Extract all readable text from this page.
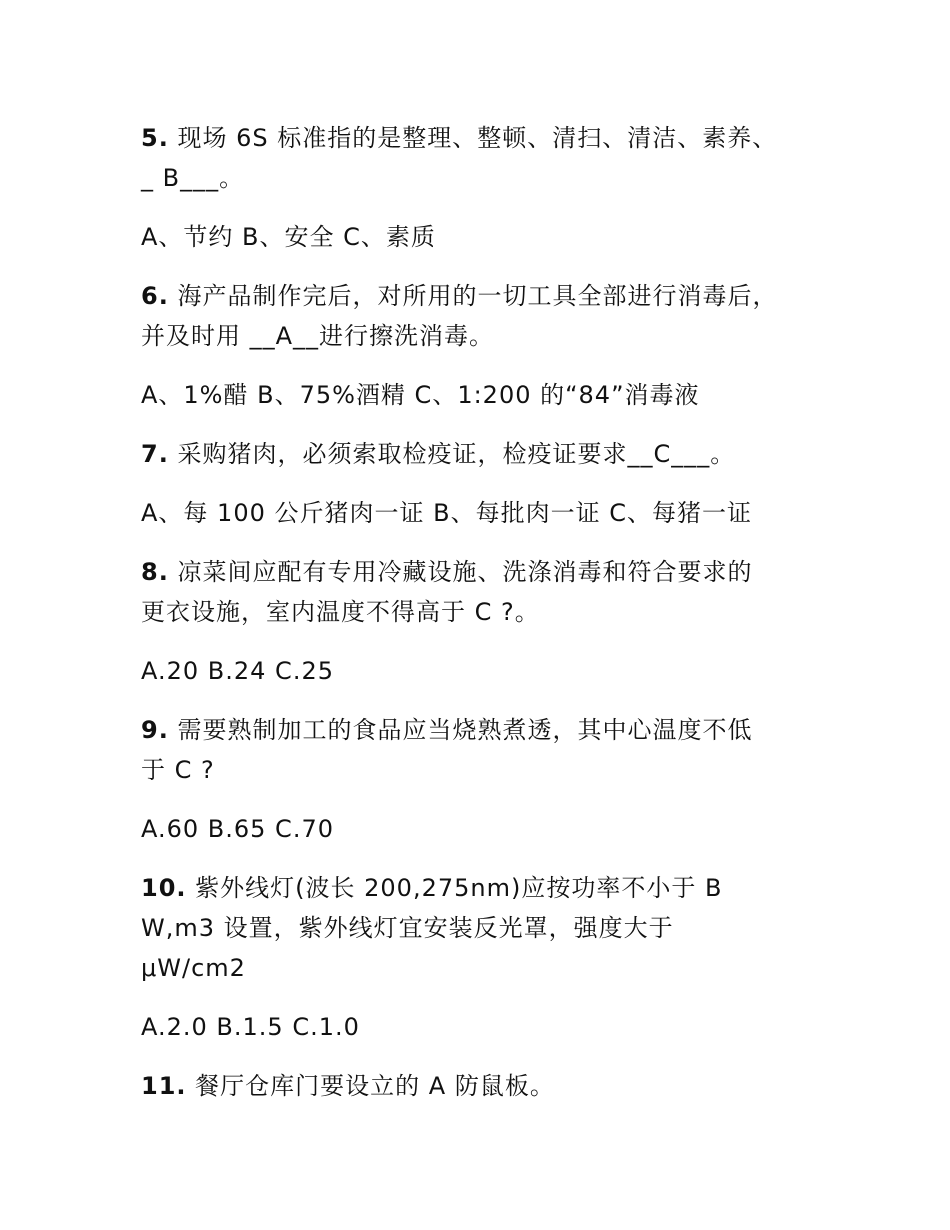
5. 现场 6S 标准指的是整理、整顿、清扫、清洁、素养、
_ B___。
A、节约 B、安全 C、素质
6. 海产品制作完后，对所用的一切工具全部进行消毒后，
并及时用 __A__进行擦洗消毒。
A、1%醋 B、75%酒精 C、1:200 的“84”消毒液
7. 采购猪肉，必须索取检疫证，检疫证要求__C___。
A、每 100 公斤猪肉一证 B、每批肉一证 C、每猪一证
8. 凉菜间应配有专用冷藏设施、洗涤消毒和符合要求的
更衣设施，室内温度不得高于 C ?。
A.20 B.24 C.25
9. 需要熟制加工的食品应当烧熟煮透，其中心温度不低
于 C ?
A.60 B.65 C.70
10. 紫外线灯(波长 200,275nm)应按功率不小于 B
W,m3 设置，紫外线灯宜安装反光罩，强度大于
μW/cm2
A.2.0 B.1.5 C.1.0
11. 餐厅仓库门要设立的 A 防鼠板。
